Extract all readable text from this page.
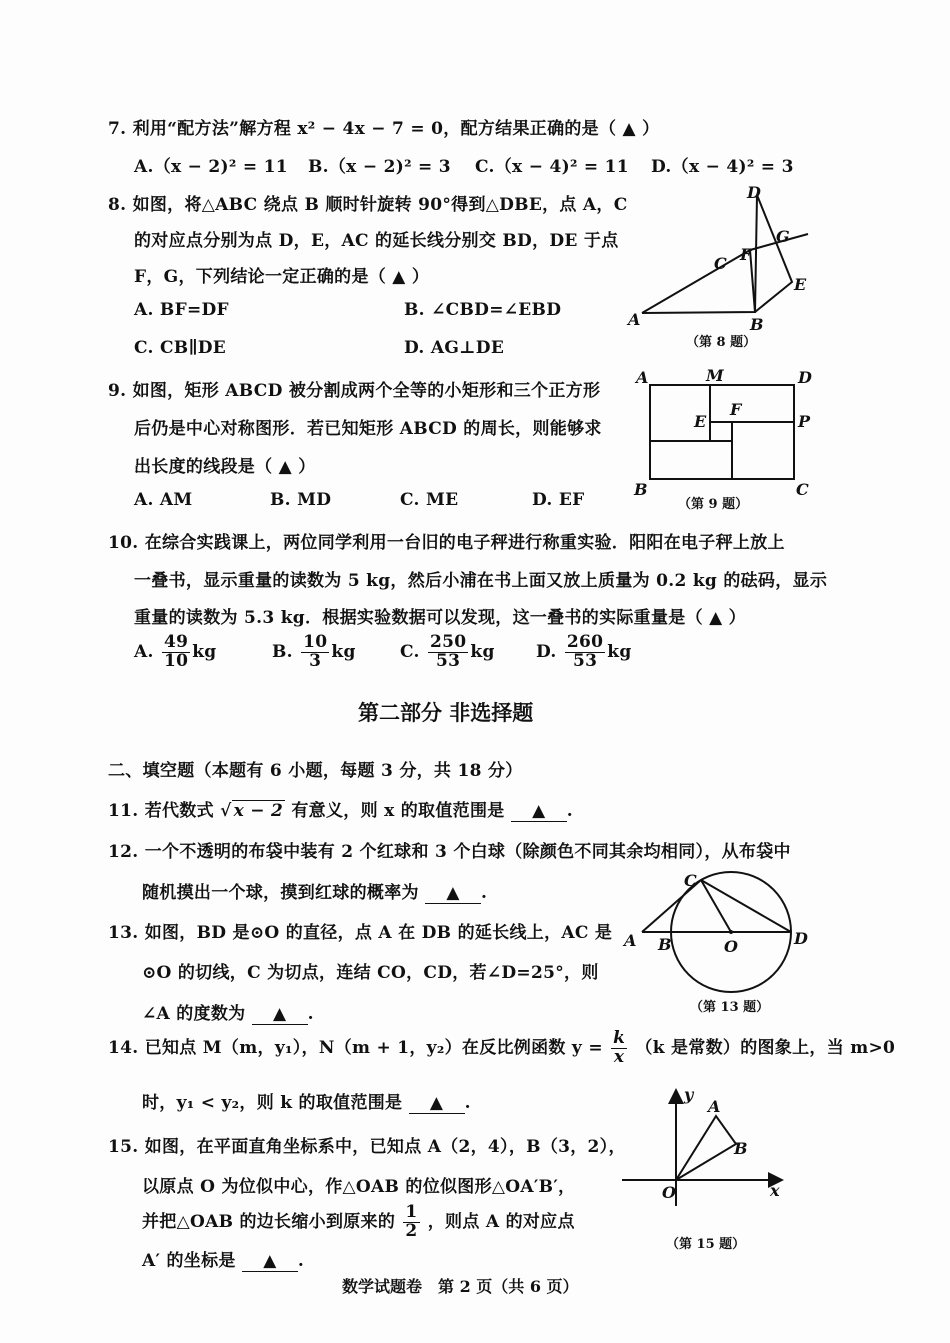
7. 利用“配方法”解方程 x² − 4x − 7 = 0，配方结果正确的是（ ▲ ）
A.（x − 2)² = 11 B.（x − 2)² = 3 C.（x − 4)² = 11 D.（x − 4)² = 3
8. 如图，将△ABC 绕点 B 顺时针旋转 90°得到△DBE，点 A，C
的对应点分别为点 D，E，AC 的延长线分别交 BD，DE 于点
F，G，下列结论一定正确的是（ ▲ ）
A. BF=DF	B. ∠CBD=∠EBD
C. CB∥DE	D. AG⊥DE
A	B
C
D
E
F
G
（第 8 题）
9. 如图，矩形 ABCD 被分割成两个全等的小矩形和三个正方形
后仍是中心对称图形．若已知矩形 ABCD 的周长，则能够求
出长度的线段是（ ▲ ）
A. AM	B. MD	C. ME	D. EF
A	M	D
E
F
P
B	C
（第 9 题）
10. 在综合实践课上，两位同学利用一台旧的电子秤进行称重实验．阳阳在电子秤上放上
一叠书，显示重量的读数为 5 kg，然后小浦在书上面又放上质量为 0.2 kg 的砝码，显示
重量的读数为 5.3 kg．根据实验数据可以发现，这一叠书的实际重量是（ ▲ ）
A. $\frac{49}{10}$ kg	B. $\frac{10}{3}$ kg	C. $\frac{250}{53}$ kg D. $\frac{260}{53}$ kg
第二部分 非选择题
二、填空题（本题有 6 小题，每题 3 分，共 18 分）
11. 若代数式 √ x − 2 有意义，则 x 的取值范围是 ▲ .
12. 一个不透明的布袋中装有 2 个红球和 3 个白球（除颜色不同其余均相同），从布袋中
随机摸出一个球，摸到红球的概率为 ▲ .
13. 如图，BD 是⊙O 的直径，点 A 在 DB 的延长线上，AC 是
⊙O 的切线，C 为切点，连结 CO，CD，若∠D=25°，则
∠A 的度数为 ▲ .
C
A B	O	D
（第 13 题）
14. 已知点 M（m，y₁），N（m + 1，y₂）在反比例函数 $y = \frac{k}{x} (k$ 是常数）的图象上，当 m>0
时，y₁ < y₂，则 k 的取值范围是 ▲ .
15. 如图，在平面直角坐标系中，已知点 A（2，4），B（3，2），
以原点 O 为位似中心，作△OAB 的位似图形△OA′B′，
并把△OAB 的边长缩小到原来的 $\frac{1}{2}$ ，则点 A 的对应点
A′ 的坐标是 ▲ .
y
A
B
O	x
（第 15 题）
数学试题卷　第 2 页（共 6 页）
